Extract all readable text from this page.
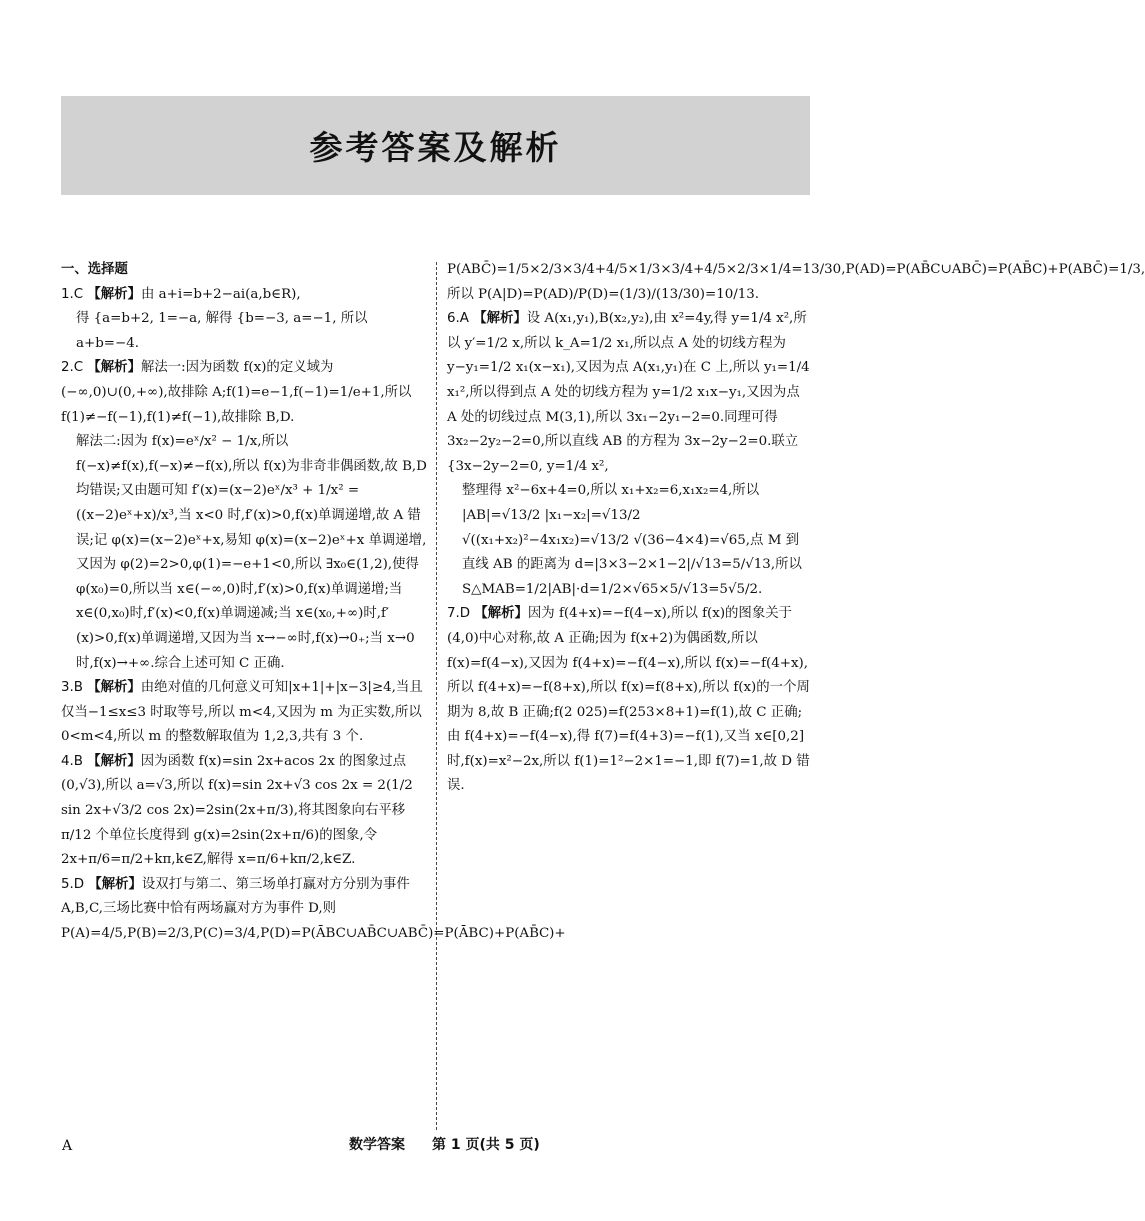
参考答案及解析
一、选择题

1.C 【解析】由 a+i=b+2−ai(a,b∈R),

得 {a=b+2, 1=−a, 解得 {b=−3, a=−1, 所以 a+b=−4.

2.C 【解析】解法一:因为函数 f(x)的定义域为(−∞,0)∪(0,+∞),故排除 A;f(1)=e−1,f(−1)=1/e+1,所以 f(1)≠−f(−1),f(1)≠f(−1),故排除 B,D.

解法二:因为 f(x)=eˣ/x² − 1/x,所以 f(−x)≠f(x),f(−x)≠−f(x),所以 f(x)为非奇非偶函数,故 B,D 均错误;又由题可知 f′(x)=(x−2)eˣ/x³ + 1/x² = ((x−2)eˣ+x)/x³,当 x<0 时,f′(x)>0,f(x)单调递增,故 A 错误;记 φ(x)=(x−2)eˣ+x,易知 φ(x)=(x−2)eˣ+x 单调递增,又因为 φ(2)=2>0,φ(1)=−e+1<0,所以 ∃x₀∈(1,2),使得 φ(x₀)=0,所以当 x∈(−∞,0)时,f′(x)>0,f(x)单调递增;当 x∈(0,x₀)时,f′(x)<0,f(x)单调递减;当 x∈(x₀,+∞)时,f′(x)>0,f(x)单调递增,又因为当 x→−∞时,f(x)→0₊;当 x→0 时,f(x)→+∞.综合上述可知 C 正确.

3.B 【解析】由绝对值的几何意义可知|x+1|+|x−3|≥4,当且仅当−1≤x≤3 时取等号,所以 m<4,又因为 m 为正实数,所以 0<m<4,所以 m 的整数解取值为 1,2,3,共有 3 个.

4.B 【解析】因为函数 f(x)=sin 2x+acos 2x 的图象过点(0,√3),所以 a=√3,所以 f(x)=sin 2x+√3 cos 2x = 2(1/2 sin 2x+√3/2 cos 2x)=2sin(2x+π/3),将其图象向右平移 π/12 个单位长度得到 g(x)=2sin(2x+π/6)的图象,令 2x+π/6=π/2+kπ,k∈Z,解得 x=π/6+kπ/2,k∈Z.

5.D 【解析】设双打与第二、第三场单打赢对方分别为事件 A,B,C,三场比赛中恰有两场赢对方为事件 D,则 P(A)=4/5,P(B)=2/3,P(C)=3/4,P(D)=P(ĀBC∪AB̄C∪ABC̄)=P(ĀBC)+P(AB̄C)+

P(ABC̄)=1/5×2/3×3/4+4/5×1/3×3/4+4/5×2/3×1/4=13/30,P(AD)=P(AB̄C∪ABC̄)=P(AB̄C)+P(ABC̄)=1/3,所以 P(A|D)=P(AD)/P(D)=(1/3)/(13/30)=10/13.

6.A 【解析】设 A(x₁,y₁),B(x₂,y₂),由 x²=4y,得 y=1/4 x²,所以 y′=1/2 x,所以 k_A=1/2 x₁,所以点 A 处的切线方程为 y−y₁=1/2 x₁(x−x₁),又因为点 A(x₁,y₁)在 C 上,所以 y₁=1/4 x₁²,所以得到点 A 处的切线方程为 y=1/2 x₁x−y₁,又因为点 A 处的切线过点 M(3,1),所以 3x₁−2y₁−2=0.同理可得 3x₂−2y₂−2=0,所以直线 AB 的方程为 3x−2y−2=0.联立 {3x−2y−2=0, y=1/4 x²,

整理得 x²−6x+4=0,所以 x₁+x₂=6,x₁x₂=4,所以 |AB|=√13/2 |x₁−x₂|=√13/2 √((x₁+x₂)²−4x₁x₂)=√13/2 √(36−4×4)=√65,点 M 到直线 AB 的距离为 d=|3×3−2×1−2|/√13=5/√13,所以 S△MAB=1/2|AB|·d=1/2×√65×5/√13=5√5/2.

7.D 【解析】因为 f(4+x)=−f(4−x),所以 f(x)的图象关于(4,0)中心对称,故 A 正确;因为 f(x+2)为偶函数,所以 f(x)=f(4−x),又因为 f(4+x)=−f(4−x),所以 f(x)=−f(4+x),所以 f(4+x)=−f(8+x),所以 f(x)=f(8+x),所以 f(x)的一个周期为 8,故 B 正确;f(2 025)=f(253×8+1)=f(1),故 C 正确;由 f(4+x)=−f(4−x),得 f(7)=f(4+3)=−f(1),又当 x∈[0,2]时,f(x)=x²−2x,所以 f(1)=1²−2×1=−1,即 f(7)=1,故 D 错误.

A	数学答案 第 1 页(共 5 页)
